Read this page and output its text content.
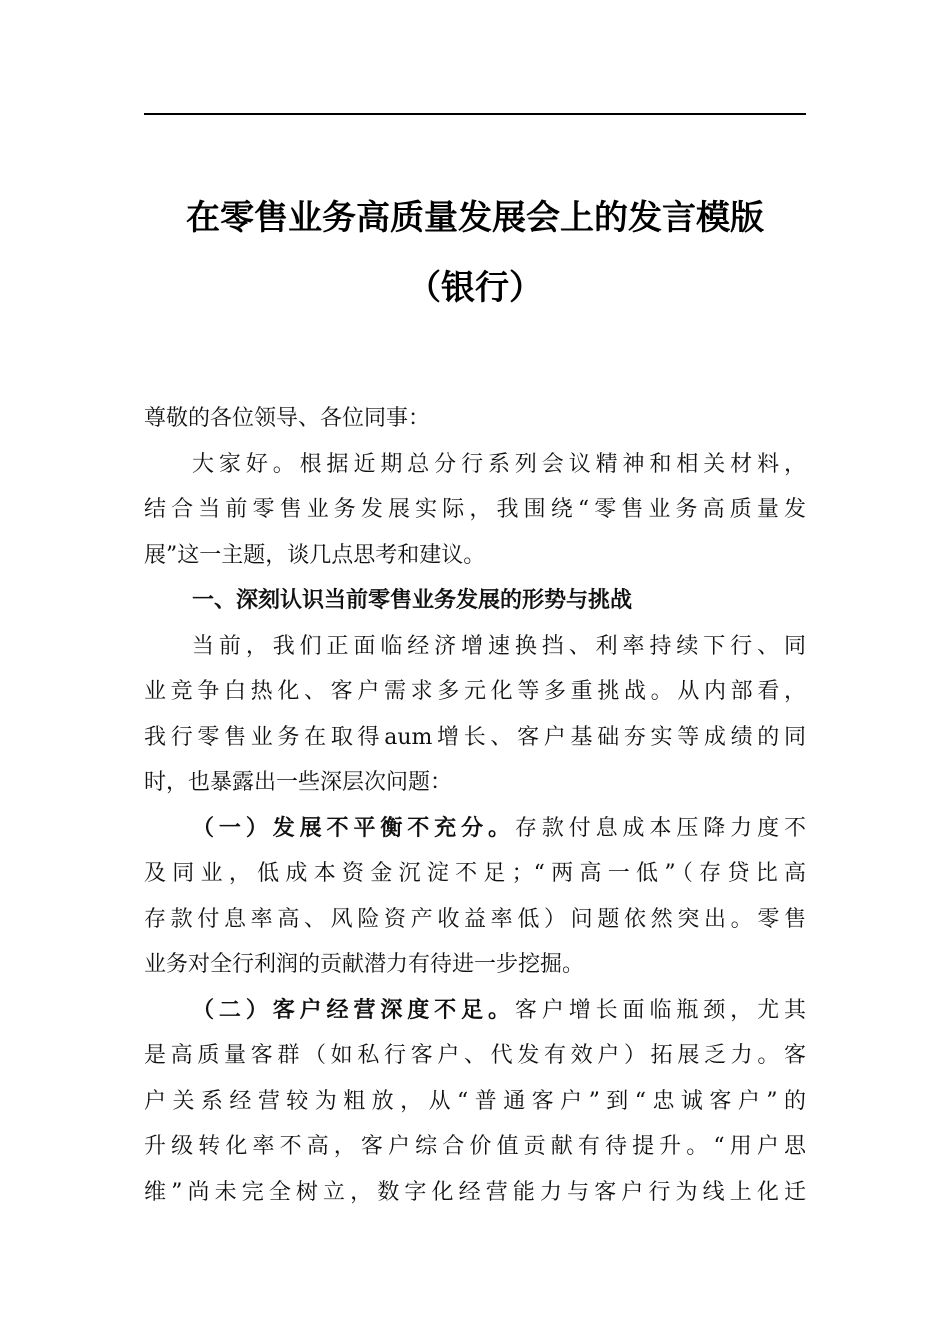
在零售业务高质量发展会上的发言模版
（银行）
尊敬的各位领导、各位同事：
大家好。根据近期总分行系列会议精神和相关材料，
结合当前零售业务发展实际，我围绕“零售业务高质量发
展”这一主题，谈几点思考和建议。
一、深刻认识当前零售业务发展的形势与挑战
当前，我们正面临经济增速换挡、利率持续下行、同
业竞争白热化、客户需求多元化等多重挑战。从内部看，
我行零售业务在取得aum增长、客户基础夯实等成绩的同
时，也暴露出一些深层次问题：
（一）发展不平衡不充分。存款付息成本压降力度不
及同业，低成本资金沉淀不足；“两高一低”（存贷比高
存款付息率高、风险资产收益率低）问题依然突出。零售
业务对全行利润的贡献潜力有待进一步挖掘。
（二）客户经营深度不足。客户增长面临瓶颈，尤其
是高质量客群（如私行客户、代发有效户）拓展乏力。客
户关系经营较为粗放，从“普通客户”到“忠诚客户”的
升级转化率不高，客户综合价值贡献有待提升。“用户思
维”尚未完全树立，数字化经营能力与客户行为线上化迁
